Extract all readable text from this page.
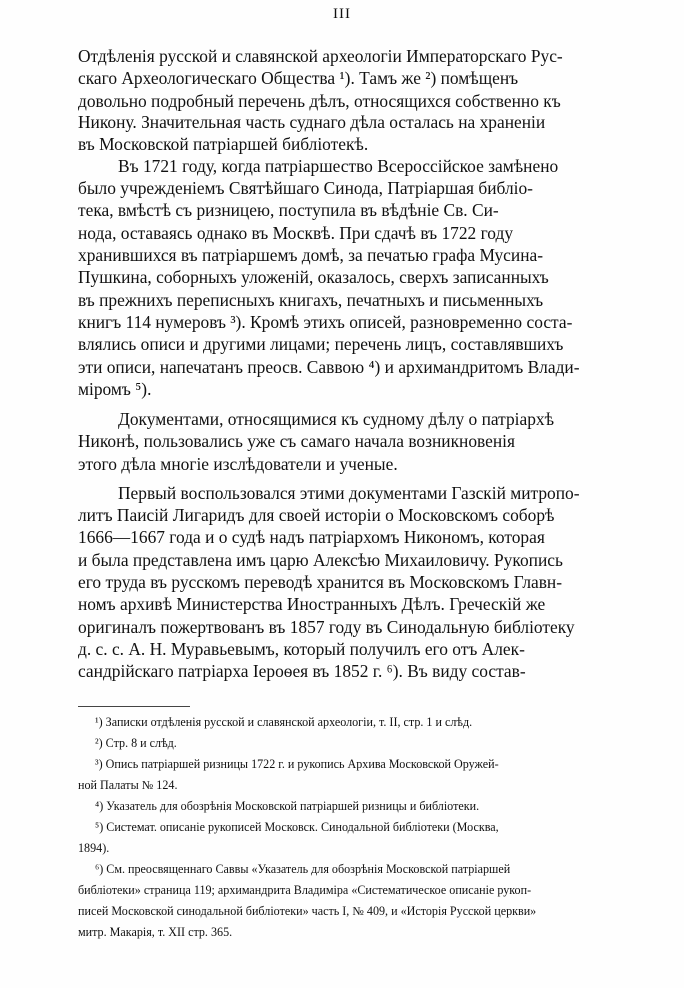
III
Отдѣленія русской и славянской археологіи Императорскаго Рус-
скаго Археологическаго Общества ¹). Тамъ же ²) помѣщенъ
довольно подробный перечень дѣлъ, относящихся собственно къ
Никону. Значительная часть суднаго дѣла осталась на храненіи
въ Московской патріаршей библіотекѣ.
Въ 1721 году, когда патріаршество Всероссійское замѣнено
было учрежденіемъ Святѣйшаго Синода, Патріаршая библіо-
тека, вмѣстѣ съ ризницею, поступила въ вѣдѣніе Св. Си-
нода, оставаясь однако въ Москвѣ. При сдачѣ въ 1722 году
хранившихся въ патріаршемъ домѣ, за печатью графа Мусина-
Пушкина, соборныхъ уложеній, оказалось, сверхъ записанныхъ
въ прежнихъ переписныхъ книгахъ, печатныхъ и письменныхъ
книгъ 114 нумеровъ ³). Кромѣ этихъ описей, разновременно соста-
влялись описи и другими лицами; перечень лицъ, составлявшихъ
эти описи, напечатанъ преосв. Саввою ⁴) и архимандритомъ Влади-
міромъ ⁵).
Документами, относящимися къ судному дѣлу о патріархѣ
Никонѣ, пользовались уже съ самаго начала возникновенія
этого дѣла многіе изслѣдователи и ученые.
Первый воспользовался этими документами Газскій митропо-
литъ Паисій Лигаридъ для своей исторіи о Московскомъ соборѣ
1666—1667 года и о судѣ надъ патріархомъ Никономъ, которая
и была представлена имъ царю Алексѣю Михаиловичу. Рукопись
его труда въ русскомъ переводѣ хранится въ Московскомъ Главн-
номъ архивѣ Министерства Иностранныхъ Дѣлъ. Греческій же
оригиналъ пожертвованъ въ 1857 году въ Синодальную библіотеку
д. с. с. А. Н. Муравьевымъ, который получилъ его отъ Алек-
сандрійскаго патріарха Іероѳея въ 1852 г. ⁶). Въ виду состав-
¹) Записки отдѣленія русской и славянской археологіи, т. II, стр. 1 и слѣд.
²) Стр. 8 и слѣд.
³) Опись патріаршей ризницы 1722 г. и рукопись Архива Московской Оружей-
ной Палаты № 124.
⁴) Указатель для обозрѣнія Московской патріаршей ризницы и библіотеки.
⁵) Системат. описаніе рукописей Московск. Синодальной библіотеки (Москва,
1894).
⁶) См. преосвященнаго Саввы «Указатель для обозрѣнія Московской патріаршей
библіотеки» страница 119; архимандрита Владиміра «Систематическое описаніе рукоп-
писей Московской синодальной библіотеки» часть I, № 409, и «Исторія Русской церкви»
митр. Макарія, т. XII стр. 365.
